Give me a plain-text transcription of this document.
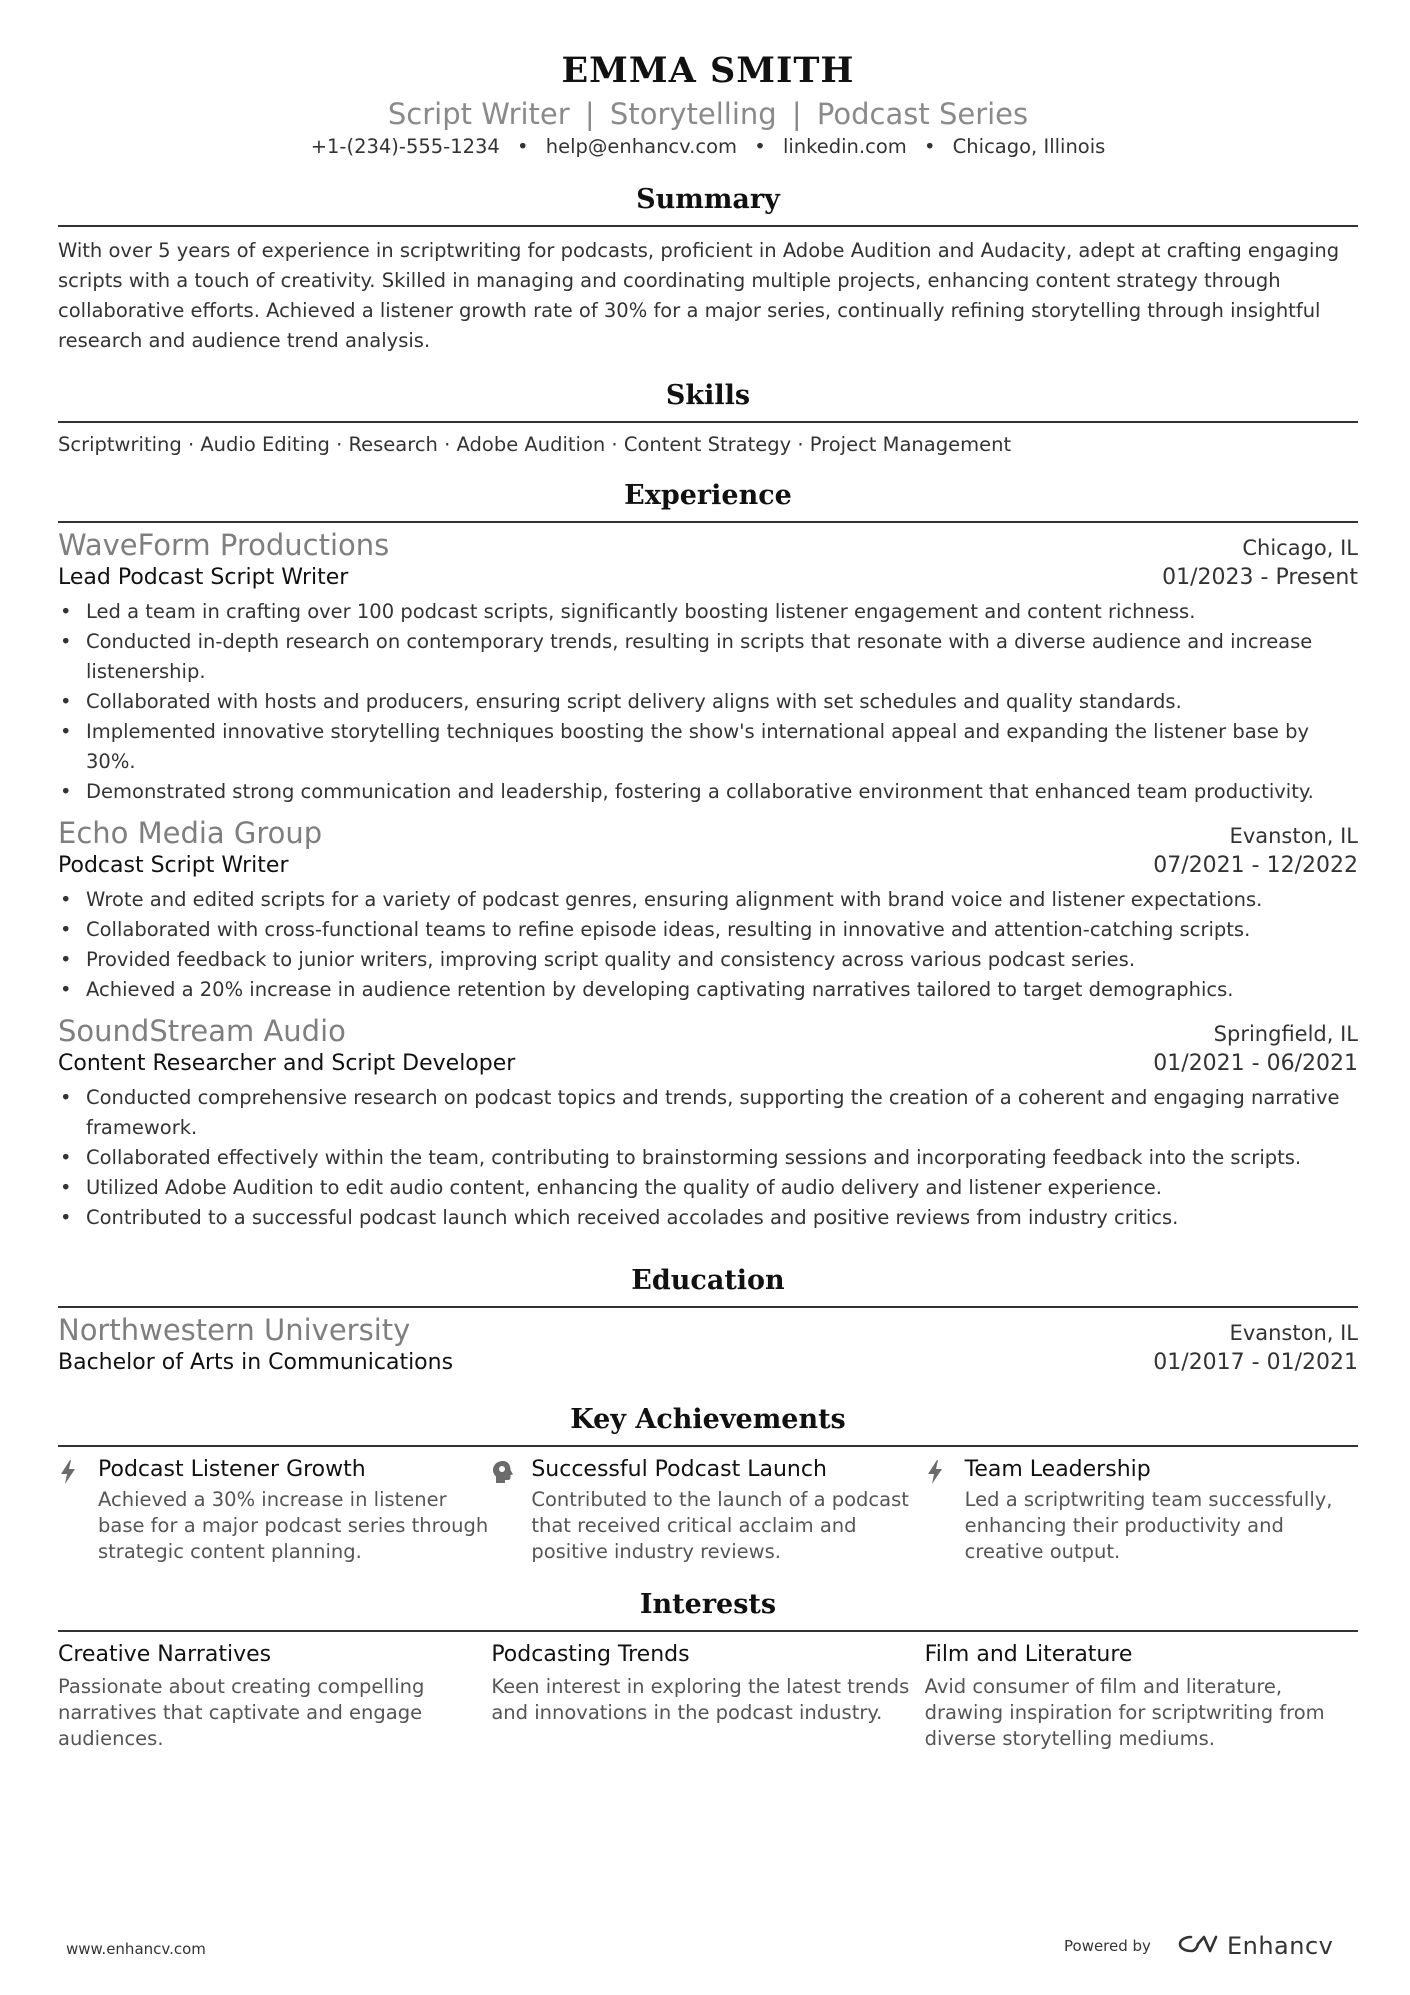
EMMA SMITH
Script Writer | Storytelling | Podcast Series
+1-(234)-555-1234 • help@enhancv.com • linkedin.com • Chicago, Illinois
Summary
With over 5 years of experience in scriptwriting for podcasts, proficient in Adobe Audition and Audacity, adept at crafting engaging scripts with a touch of creativity. Skilled in managing and coordinating multiple projects, enhancing content strategy through collaborative efforts. Achieved a listener growth rate of 30% for a major series, continually refining storytelling through insightful research and audience trend analysis.
Skills
Scriptwriting · Audio Editing · Research · Adobe Audition · Content Strategy · Project Management
Experience
WaveForm Productions	Chicago, IL
Lead Podcast Script Writer	01/2023 - Present
• Led a team in crafting over 100 podcast scripts, significantly boosting listener engagement and content richness.
• Conducted in-depth research on contemporary trends, resulting in scripts that resonate with a diverse audience and increase listenership.
• Collaborated with hosts and producers, ensuring script delivery aligns with set schedules and quality standards.
• Implemented innovative storytelling techniques boosting the show's international appeal and expanding the listener base by 30%.
• Demonstrated strong communication and leadership, fostering a collaborative environment that enhanced team productivity.
Echo Media Group	Evanston, IL
Podcast Script Writer	07/2021 - 12/2022
• Wrote and edited scripts for a variety of podcast genres, ensuring alignment with brand voice and listener expectations.
• Collaborated with cross-functional teams to refine episode ideas, resulting in innovative and attention-catching scripts.
• Provided feedback to junior writers, improving script quality and consistency across various podcast series.
• Achieved a 20% increase in audience retention by developing captivating narratives tailored to target demographics.
SoundStream Audio	Springfield, IL
Content Researcher and Script Developer	01/2021 - 06/2021
• Conducted comprehensive research on podcast topics and trends, supporting the creation of a coherent and engaging narrative framework.
• Collaborated effectively within the team, contributing to brainstorming sessions and incorporating feedback into the scripts.
• Utilized Adobe Audition to edit audio content, enhancing the quality of audio delivery and listener experience.
• Contributed to a successful podcast launch which received accolades and positive reviews from industry critics.
Education
Northwestern University	Evanston, IL
Bachelor of Arts in Communications	01/2017 - 01/2021
Key Achievements
Podcast Listener Growth
Achieved a 30% increase in listener base for a major podcast series through strategic content planning.
Successful Podcast Launch
Contributed to the launch of a podcast that received critical acclaim and positive industry reviews.
Team Leadership
Led a scriptwriting team successfully, enhancing their productivity and creative output.
Interests
Creative Narratives
Passionate about creating compelling narratives that captivate and engage audiences.
Podcasting Trends
Keen interest in exploring the latest trends and innovations in the podcast industry.
Film and Literature
Avid consumer of film and literature, drawing inspiration for scriptwriting from diverse storytelling mediums.
www.enhancv.com	Powered by	Enhancv
